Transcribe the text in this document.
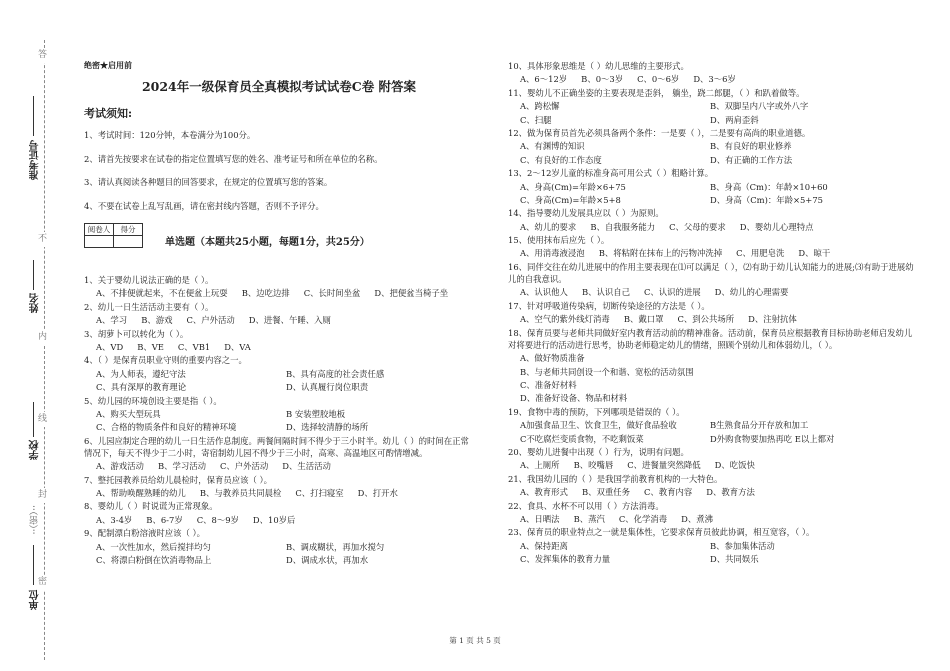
答
不
内
线
封
密
准考证号
姓名
学校
··（密）··
单位
绝密★启用前
2024年一级保育员全真模拟考试试卷C卷 附答案
考试须知:
1、考试时间：120分钟，本卷满分为100分。
2、请首先按要求在试卷的指定位置填写您的姓名、准考证号和所在单位的名称。
3、请认真阅读各种题目的回答要求，在规定的位置填写您的答案。
4、不要在试卷上乱写乱画，请在密封线内答题，否则不予评分。
阅卷人	得分

单选题（本题共25小题，每题1分，共25分）
1、关于婴幼儿说法正确的是（ ）。
A、不排便就起来，不在便盆上玩耍 B、边吃边排 C、长时间坐盆 D、把便盆当椅子坐
2、幼儿一日生活活动主要有（ ）。
A、学习 B、游戏 C、户外活动 D、进餐、午睡、入厕
3、胡萝卜可以转化为（ ）。
A、VD B、VE C、VB1 D、VA
4、（ ）是保育员职业守则的重要内容之一。
A、为人师表，遵纪守法	B、具有高度的社会责任感
C、具有深厚的教育理论	D、认真履行岗位职责
5、幼儿园的环境创设主要是指（ ）。
A、购买大型玩具	B 安装塑胶地板
C、合格的物质条件和良好的精神环境	D、选择较清静的场所
6、儿园应制定合理的幼儿一日生活作息制度。两餐间隔时间不得少于三小时半。幼儿（ ）的时间在正常情况下，每天不得少于二小时，寄宿制幼儿园不得少于三小时，高寒、高温地区可酌情增减。
A、游戏活动 B、学习活动 C、户外活动 D、生活活动
7、整托园教养员给幼儿晨检时，保育员应该（ ）。
A、帮助唤醒熟睡的幼儿 B、与教养员共同晨检 C、打扫寝室 D、打开水
8、婴幼儿（ ）时说谎为正常现象。
A、3-4岁 B、6-7岁 C、8～9岁 D、10岁后
9、配制漂白粉溶液时应该（ ）。
A、一次性加水，然后搅拌均匀	B、调成糊状，再加水搅匀
C、将漂白粉倒在饮消毒物品上	D、调成水状，再加水
10、具体形象思维是（ ）幼儿思维的主要形式。
A、6～12岁 B、0～3岁 C、0～6岁 D、3～6岁
11、婴幼儿不正确坐姿的主要表现是歪斜， 躺坐，跷二郎腿，（ ）和趴着做等。
A、跨松懈	B、双脚呈内八字或外八字
C、扫腿	D、两肩歪斜
12、做为保育员首先必须具备两个条件：一是要（ ），二是要有高尚的职业道德。
A、有渊博的知识	B、有良好的职业修养
C、有良好的工作态度	D、有正确的工作方法
13、2～12岁儿童的标准身高可用公式（ ）粗略计算。
A、身高(Cm)=年龄×6+75	B、身高（Cm)：年龄×10+60
C、身高(Cm)=年龄×5+8	D、身高（Cm)：年龄×5+75
14、指导婴幼儿发展具应以（ ）为原则。
A、幼儿的要求 B、自我服务能力 C、父母的要求 D、婴幼儿心理特点
15、使用抹布后应先（ ）。
A、用消毒液浸泡 B、将粘附在抹布上的污物冲洗掉 C、用肥皂洗 D、晾干
16、同伴交往在幼儿进展中的作用主要表现在⑴可以满足（ ），⑵有助于幼儿认知能力的进展;⑶有助于进展幼儿的自我意识。
A、认识他人 B、认识自己 C、认识的进展 D、幼儿的心理需要
17、针对呼吸道传染病，切断传染途径的方法是（ ）。
A、空气的紫外线灯消毒 B、戴口罩 C、到公共场所 D、注射抗体
18、保育员要与老师共同做好室内教育活动前的精神准备。活动前，保育员应根据教育目标协助老师启发幼儿对将要进行的活动进行思考，协助老师稳定幼儿的情绪，照顾个别幼儿和体弱幼儿，（ ）。
A、做好物质准备
B、与老师共同创设一个和谐、宽松的活动氛围
C、准备好材料
D、准备好设备、物品和材料
19、食物中毒的预防，下列哪项是错误的（ ）。
A加强食品卫生、饮食卫生，做好食品验收	B生熟食品分开存放和加工
C不吃腐烂变质食物，不吃剩饭菜	D外购食物要加热再吃 E以上都对
20、婴幼儿进餐中出现（ ）行为，说明有问题。
A、上厕所 B、咬嘴唇 C、进餐量突然降低 D、吃饭快
21、我国幼儿园的（ ）是我国学前教育机构的一大特色。
A、教育形式 B、双重任务 C、教育内容 D、教育方法
22、食具、水杯不可以用（ ）方法消毒。
A、日晒法 B、蒸汽 C、化学消毒 D、煮沸
23、保育员的职业特点之一就是集体性，它要求保育员彼此协调，相互宽容，（ ）。
A、保持距离	B、参加集体活动
C、发挥集体的教育力量	D、共同娱乐
第 1 页 共 5 页
